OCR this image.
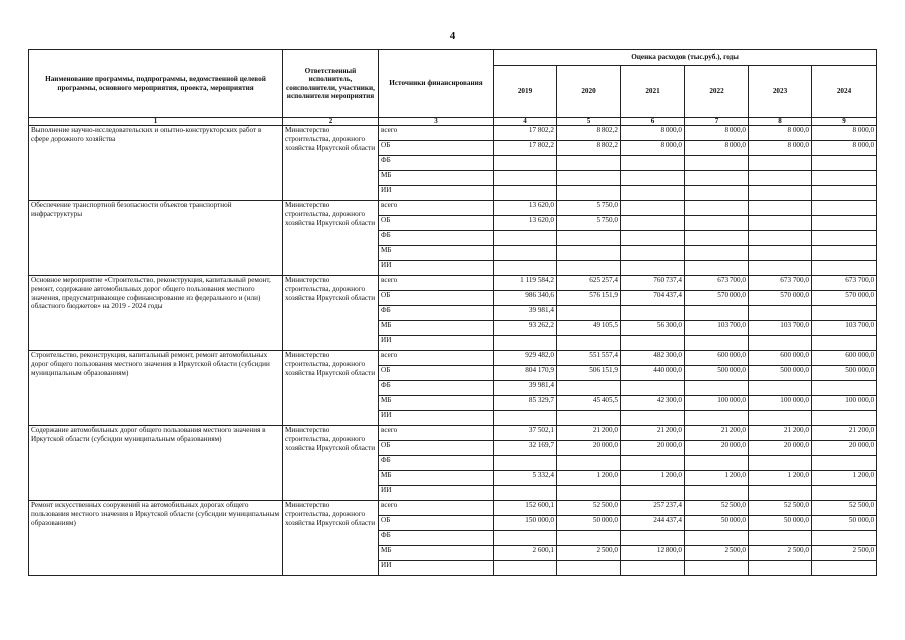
4
Наименование программы, подпрограммы, ведомственной целевой программы, основного мероприятия, проекта, мероприятия	Ответственный исполнитель, соисполнители, участники, исполнители мероприятия	Источники финансирования	Оценка расходов (тыс.руб.), годы					
			2019	2020	2021	2022	2023	2024
1	2	3	4	5	6	7	8	9
Выполнение научно-исследовательских и опытно-конструкторских работ в сфере дорожного хозяйства	Министерство строительства, дорожного хозяйства Иркутской области	всего	17 802,2	8 802,2	8 000,0	8 000,0	8 000,0	8 000,0
		ОБ	17 802,2	8 802,2	8 000,0	8 000,0	8 000,0	8 000,0
		ФБ						
		МБ						
		ИИ						
Обеспечение транспортной безопасности объектов транспортной инфраструктуры	Министерство строительства, дорожного хозяйства Иркутской области	всего	13 620,0	5 750,0				
		ОБ	13 620,0	5 750,0				
		ФБ						
		МБ						
		ИИ						
Основное мероприятие «Строительство, реконструкция, капитальный ремонт, ремонт, содержание автомобильных дорог общего пользования местного значения, предусматривающее софинансирование из федерального и (или) областного бюджетов» на 2019 - 2024 годы	Министерство строительства, дорожного хозяйства Иркутской области	всего	1 119 584,2	625 257,4	760 737,4	673 700,0	673 700,0	673 700,0
		ОБ	986 340,6	576 151,9	704 437,4	570 000,0	570 000,0	570 000,0
		ФБ	39 981,4					
		МБ	93 262,2	49 105,5	56 300,0	103 700,0	103 700,0	103 700,0
		ИИ						
Строительство, реконструкция, капитальный ремонт, ремонт автомобильных дорог общего пользования местного значения в Иркутской области (субсидии муниципальным образованиям)	Министерство строительства, дорожного хозяйства Иркутской области	всего	929 482,0	551 557,4	482 300,0	600 000,0	600 000,0	600 000,0
		ОБ	804 170,9	506 151,9	440 000,0	500 000,0	500 000,0	500 000,0
		ФБ	39 981,4					
		МБ	85 329,7	45 405,5	42 300,0	100 000,0	100 000,0	100 000,0
		ИИ						
Содержание автомобильных дорог общего пользования местного значения в Иркутской области (субсидии муниципальным образованиям)	Министерство строительства, дорожного хозяйства Иркутской области	всего	37 502,1	21 200,0	21 200,0	21 200,0	21 200,0	21 200,0
		ОБ	32 169,7	20 000,0	20 000,0	20 000,0	20 000,0	20 000,0
		ФБ						
		МБ	5 332,4	1 200,0	1 200,0	1 200,0	1 200,0	1 200,0
		ИИ						
Ремонт искусственных сооружений на автомобильных дорогах общего пользования местного значения в Иркутской области (субсидии муниципальным образованиям)	Министерство строительства, дорожного хозяйства Иркутской области	всего	152 600,1	52 500,0	257 237,4	52 500,0	52 500,0	52 500,0
		ОБ	150 000,0	50 000,0	244 437,4	50 000,0	50 000,0	50 000,0
		ФБ						
		МБ	2 600,1	2 500,0	12 800,0	2 500,0	2 500,0	2 500,0
		ИИ						
